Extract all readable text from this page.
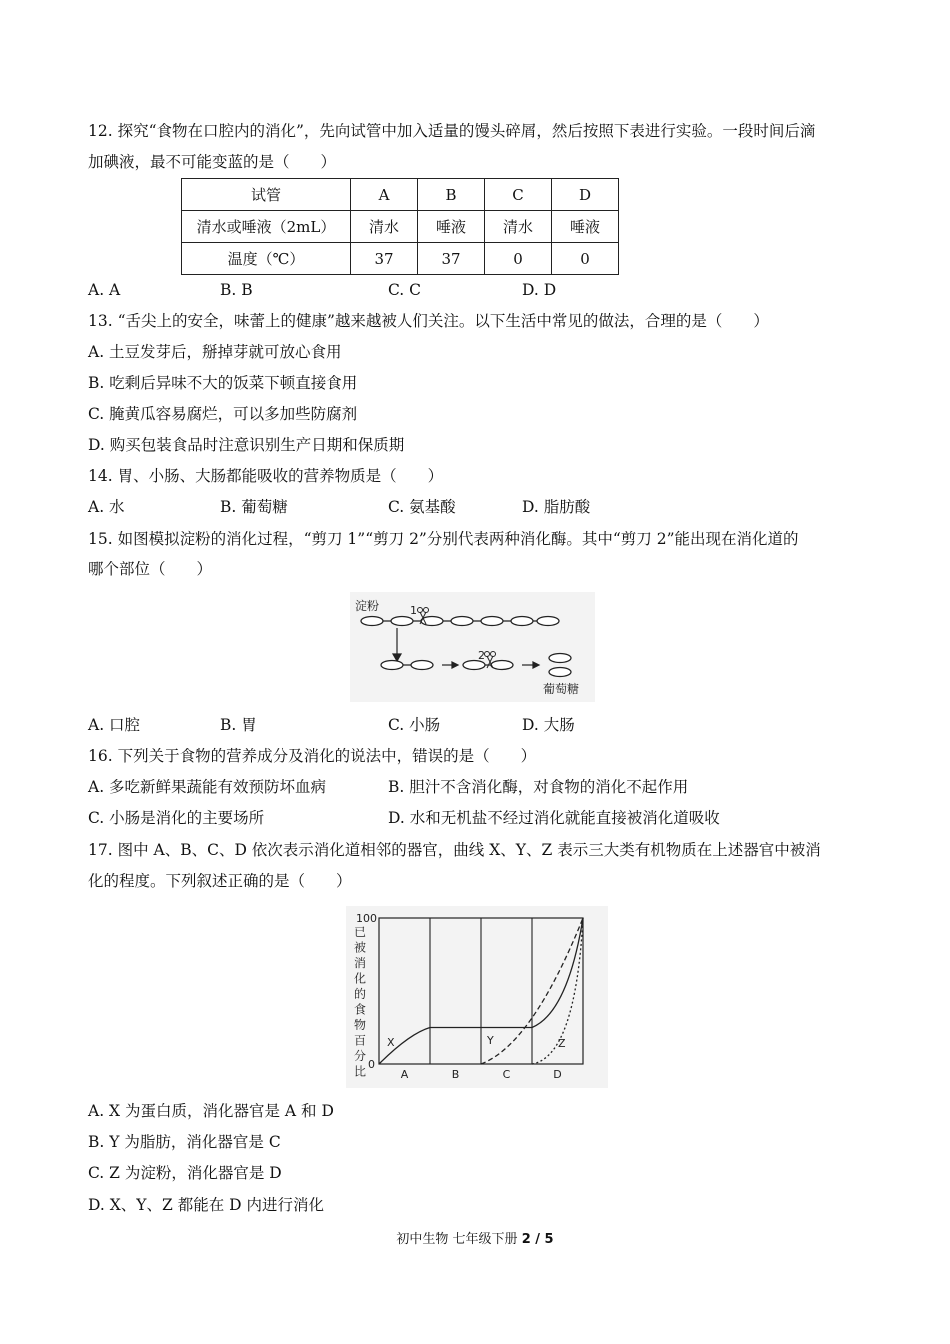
12. 探究“食物在口腔内的消化”，先向试管中加入适量的馒头碎屑，然后按照下表进行实验。一段时间后滴
加碘液，最不可能变蓝的是（　　）
试管	A	B	C	D
清水或唾液（2mL）	清水	唾液	清水	唾液
温度（℃）	37	37	0	0
A. A	B. B	C. C	D. D
13. “舌尖上的安全，味蕾上的健康”越来越被人们关注。以下生活中常见的做法，合理的是（　　）
A. 土豆发芽后，掰掉芽就可放心食用
B. 吃剩后异味不大的饭菜下顿直接食用
C. 腌黄瓜容易腐烂，可以多加些防腐剂
D. 购买包装食品时注意识别生产日期和保质期
14. 胃、小肠、大肠都能吸收的营养物质是（　　）
A. 水	B. 葡萄糖	C. 氨基酸	D. 脂肪酸
15. 如图模拟淀粉的消化过程，“剪刀 1”“剪刀 2”分别代表两种消化酶。其中“剪刀 2”能出现在消化道的
哪个部位（　　）
淀粉	1
2
葡萄糖
A. 口腔	B. 胃	C. 小肠	D. 大肠
16. 下列关于食物的营养成分及消化的说法中，错误的是（　　）
A. 多吃新鲜果蔬能有效预防坏血病	B. 胆汁不含消化酶，对食物的消化不起作用
C. 小肠是消化的主要场所	D. 水和无机盐不经过消化就能直接被消化道吸收
17. 图中 A、B、C、D 依次表示消化道相邻的器官，曲线 X、Y、Z 表示三大类有机物质在上述器官中被消
化的程度。下列叙述正确的是（　　）
已
被
消
化
的
食
物
百
分
比
100
0
A	B	C	D
X	Y	Z
A. X 为蛋白质，消化器官是 A 和 D
B. Y 为脂肪，消化器官是 C
C. Z 为淀粉，消化器官是 D
D. X、Y、Z 都能在 D 内进行消化
初中生物 七年级下册 2 / 5
